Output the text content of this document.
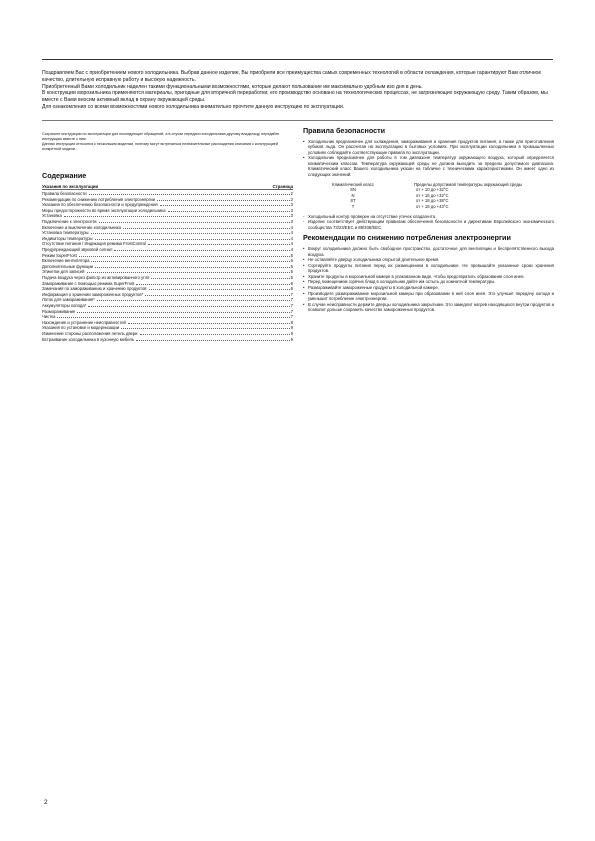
Поздравляем Вас с приобретением нового холодильника. Выбрав данное изделие, Вы приобрели все преимущества самых современных технологий в области охлаждения, которые гарантируют Вам отличное качество, длительную исправную работу и высокую надежность.

Приобретенный Вами холодильник наделен такими функциональными возможностями, которые делают пользование им максимально удобным изо дня в день.

В конструкции морозильника применяются материалы, пригодные для вторичной переработки; его производство основано на технологических процессах, не загрязняющих окружающую среду. Таким образом, мы вместе с Вами вносим активный вклад в охрану окружающей среды.

Для ознакомления со всеми возможностями нового холодильника внимательно прочтите данную инструкцию по эксплуатации.

Сохраните инструкцию по эксплуатации для последующих обращений, а в случае передачи холодильника другому владельцу, передайте инструкцию вместе с ним.

Данная инструкция относится к нескольким моделям, поэтому могут встречаться незначительные расхождения описания с конструкцией конкретной модели.

Содержание
Указания по эксплуатации	Страница
Правила безопасности	2
Рекомендации по снижению потребления электроэнергии	2
Указания по обеспечению безопасности и предупреждения	3
Меры предосторожности во время эксплуатации холодильника	3
Установка	3
Подключение к электросети	3
Включение и выключение холодильника	4
Установка температуры	4
Индикаторы температуры	4
Отсутствие питания / Индикация режима FrostControl	4
Предупреждающий звуковой сигнал	4
Режим SuperFrost	5
Включение вентилятора	5
Дополнительные функции	5
Этикетки для записей	5
Подача воздуха через фильтр из активированного угля	5
Замораживание с помощью режима SuperFrost	6
Замечания по замораживанию и хранению продуктов	6
Информация о хранении замороженных продуктов*	7
Лоток для замораживания*	7
Аккумуляторы холода*	7
Размораживание	7
Чистка	7
Нахождение и устранение неисправностей	8
Указания по установке и модернизации	9
Изменение стороны расположения петель двери	9
Встраивание холодильника в кухонную мебель	9
Правила безопасности
• Холодильник предназначен для охлаждения, замораживания и хранения продуктов питания, а также для приготовления кубиков льда. Он рассчитан на эксплуатацию в бытовых условиях. При эксплуатации холодильника в промышленных условиях соблюдайте соответствующие правила по эксплуатации.
• Холодильник предназначен для работы в том диапазоне температур окружающего воздуха, который определяется климатическим классом. Температура окружающей среды не должна выходить за пределы допустимого диапазона. Климатический класс Вашего холодильника указан на табличке с техническими характеристиками. Он имеет одно из следующих значений:
Климатический класс	Пределы допустимой температуры окружающей среды
SN	от + 10 до +32°C
N	от + 16 до +32°C
ST	от + 18 до +38°C
T	от + 18 до +43°C
- Холодильный контур проверен на отсутствие утечек хладагента.
- Изделие соответствует действующим правилам обеспечения безопасности и директивам Европейского экономического сообщества 73/23/EEC и 89/336/EEC.
Рекомендации по снижению потребления электроэнергии
• Вокруг холодильника должно быть свободное пространство, достаточное для вентиляции и беспрепятственного выхода воздуха.
• Не оставляйте дверцу холодильника открытой длительное время.
• Сортируйте продукты питания перед их размещением в холодильнике. Не превышайте указанные сроки хранения продуктов.
• Храните продукты в морозильной камере в упакованном виде, чтобы предотвратить образование слоя инея.
• Перед помещением горячих блюд в холодильник дайте им остыть до комнатной температуры.
• Размораживайте замороженные продукты в холодильной камере.
• Производите размораживание морозильной камеры при образовании в ней слоя инея. Это улучшит передачу холода и уменьшит потребление электроэнергии.
• В случае неисправности держите дверцы холодильника закрытыми. Это замедлит нагрев находящихся внутри продуктов и позволит дольше сохранить качество замороженных продуктов.
2
